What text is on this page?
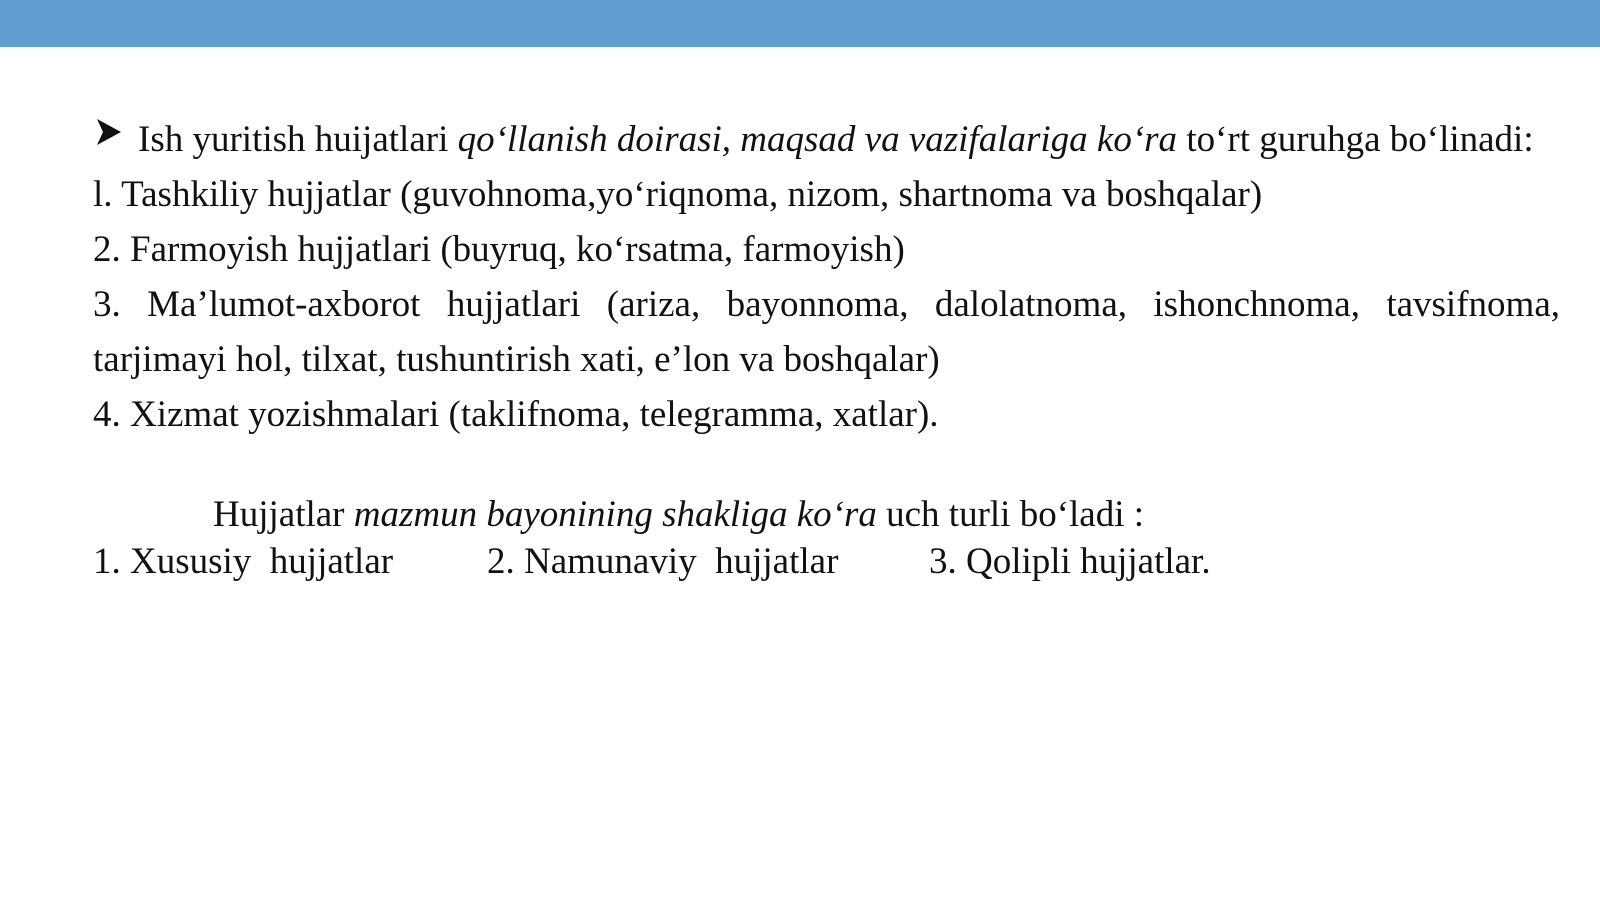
Ish yuritish huijatlari qo‘llanish doirasi, maqsad va vazifalariga ko‘ra to‘rt guruhga bo‘linadi:
l. Tashkiliy hujjatlar (guvohnoma,yo‘riqnoma, nizom, shartnoma va boshqalar)
2. Farmoyish hujjatlari (buyruq, ko‘rsatma, farmoyish)
3. Ma’lumot-axborot hujjatlari (ariza, bayonnoma, dalolatnoma, ishonchnoma, tavsifnoma, tarjimayi hol, tilxat, tushuntirish xati, e’lon va boshqalar)
4. Xizmat yozishmalari (taklifnoma, telegramma, xatlar).
Hujjatlar mazmun bayonining shakliga ko‘ra uch turli bo‘ladi :

1. Xususiy  hujjatlar

	2. Namunaviy  hujjatlar

3. Qolipli hujjatlar.
